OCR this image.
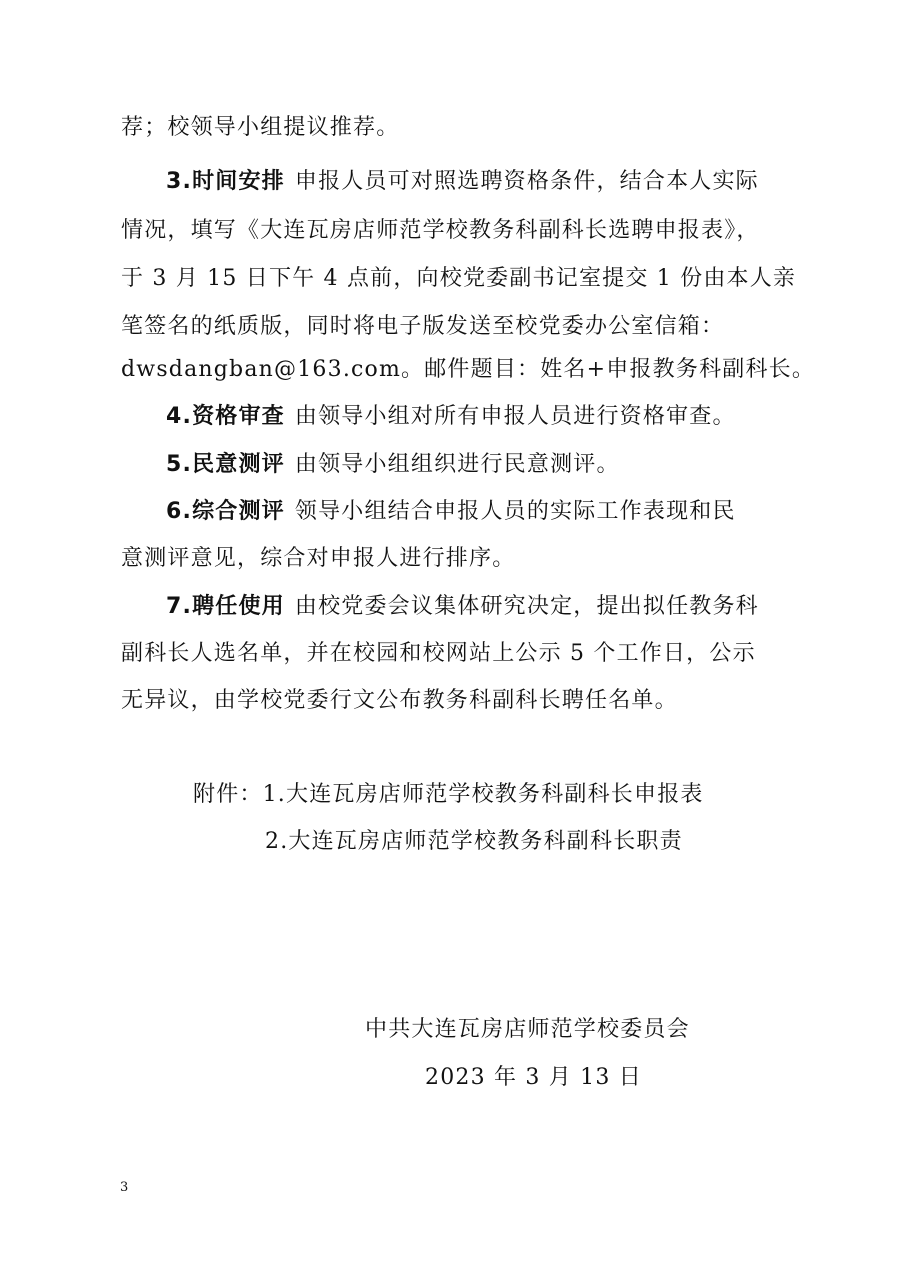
荐；校领导小组提议推荐。
3.时间安排 申报人员可对照选聘资格条件，结合本人实际
情况，填写《大连瓦房店师范学校教务科副科长选聘申报表》，
于 3 月 15 日下午 4 点前，向校党委副书记室提交 1 份由本人亲
笔签名的纸质版，同时将电子版发送至校党委办公室信箱：
dwsdangban@163.com。邮件题目：姓名+申报教务科副科长。
4.资格审查 由领导小组对所有申报人员进行资格审查。
5.民意测评 由领导小组组织进行民意测评。
6.综合测评 领导小组结合申报人员的实际工作表现和民
意测评意见，综合对申报人进行排序。
7.聘任使用 由校党委会议集体研究决定，提出拟任教务科
副科长人选名单，并在校园和校网站上公示 5 个工作日，公示
无异议，由学校党委行文公布教务科副科长聘任名单。
附件：1.大连瓦房店师范学校教务科副科长申报表
2.大连瓦房店师范学校教务科副科长职责
中共大连瓦房店师范学校委员会
2023 年 3 月 13 日
3
